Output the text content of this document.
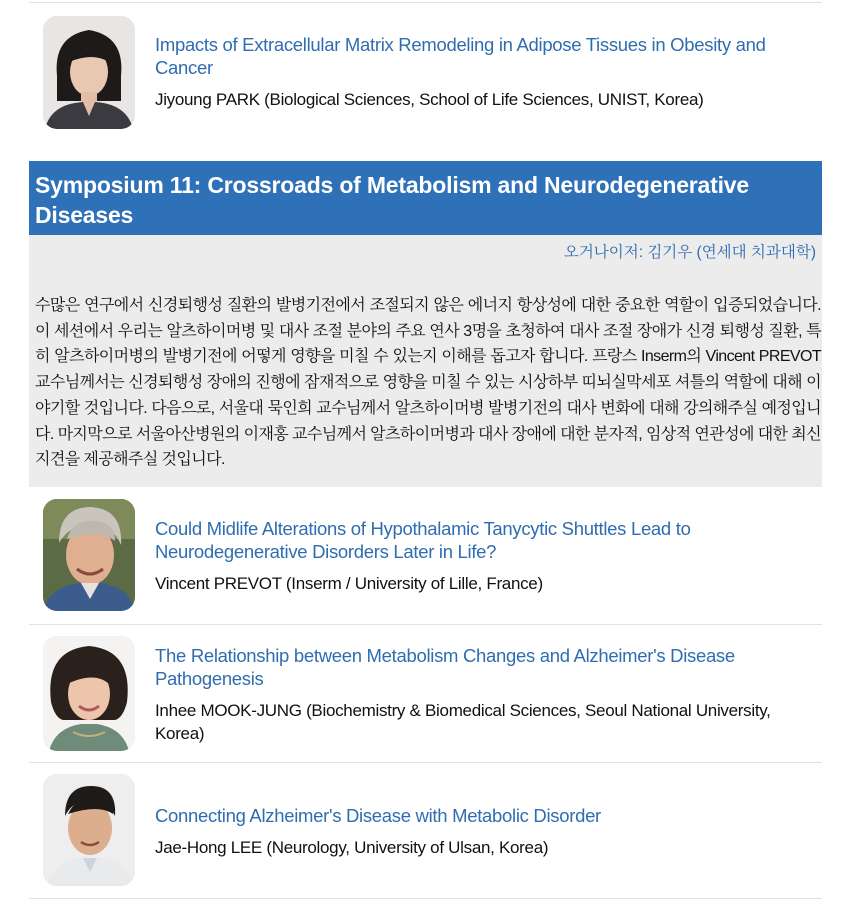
Impacts of Extracellular Matrix Remodeling in Adipose Tissues in Obesity and Cancer
Jiyoung PARK (Biological Sciences, School of Life Sciences, UNIST, Korea)
Symposium 11: Crossroads of Metabolism and Neurodegenerative Diseases
오거나이저: 김기우 (연세대 치과대학)
수많은 연구에서 신경퇴행성 질환의 발병기전에서 조절되지 않은 에너지 항상성에 대한 중요한 역할이 입증되었습니다. 이 세션에서 우리는 알츠하이머병 및 대사 조절 분야의 주요 연사 3명을 초청하여 대사 조절 장애가 신경 퇴행성 질환, 특히 알츠하이머병의 발병기전에 어떻게 영향을 미칠 수 있는지 이해를 돕고자 합니다. 프랑스 Inserm의 Vincent PREVOT 교수님께서는 신경퇴행성 장애의 진행에 잠재적으로 영향을 미칠 수 있는 시상하부 띠뇌실막세포 셔틀의 역할에 대해 이야기할 것입니다. 다음으로, 서울대 묵인희 교수님께서 알츠하이머병 발병기전의 대사 변화에 대해 강의해주실 예정입니다. 마지막으로 서울아산병원의 이재홍 교수님께서 알츠하이머병과 대사 장애에 대한 분자적, 임상적 연관성에 대한 최신 지견을 제공해주실 것입니다.
Could Midlife Alterations of Hypothalamic Tanycytic Shuttles Lead to Neurodegenerative Disorders Later in Life?
Vincent PREVOT (Inserm / University of Lille, France)
The Relationship between Metabolism Changes and Alzheimer's Disease Pathogenesis
Inhee MOOK-JUNG (Biochemistry & Biomedical Sciences, Seoul National University, Korea)
Connecting Alzheimer's Disease with Metabolic Disorder
Jae-Hong LEE (Neurology, University of Ulsan, Korea)
